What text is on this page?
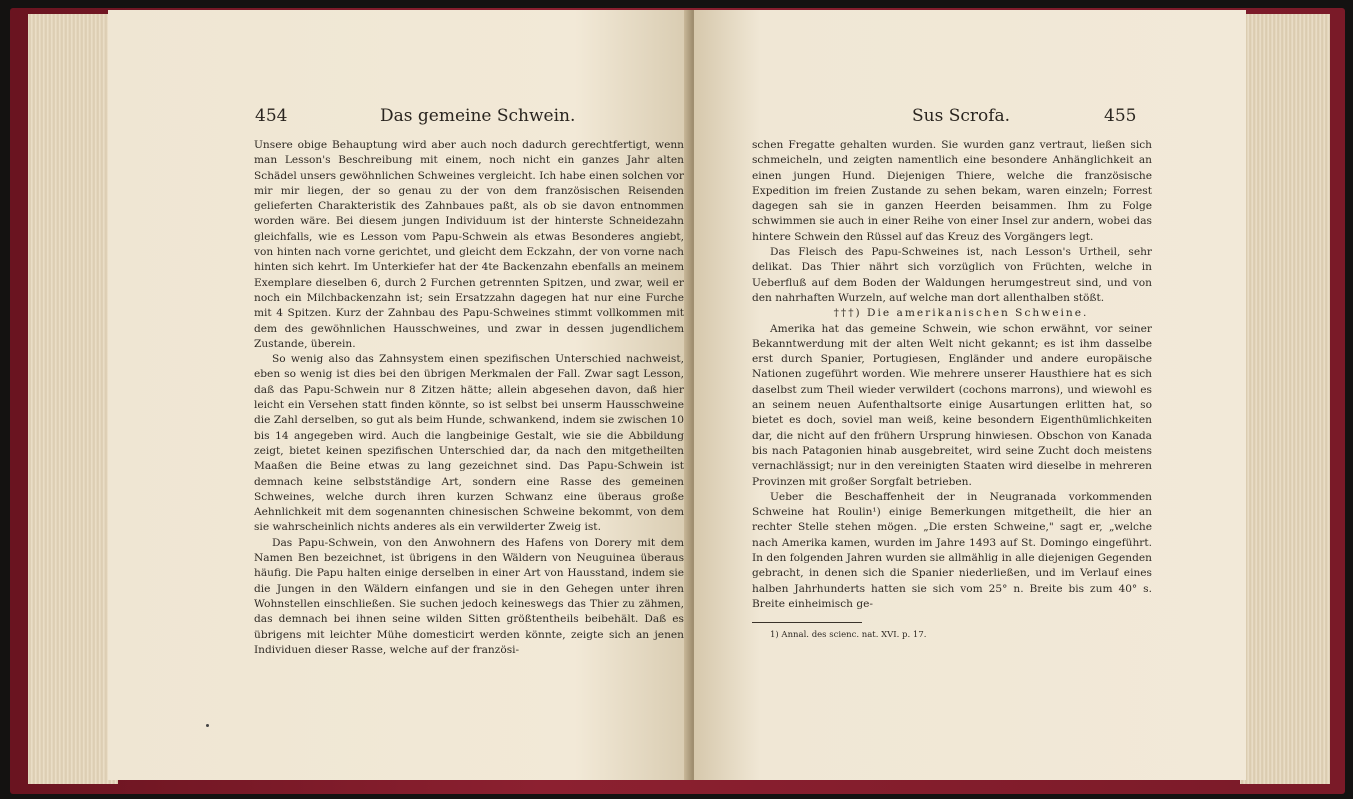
454	Das gemeine Schwein.

Unsere obige Behauptung wird aber auch noch dadurch gerechtfertigt, wenn man Lesson's Beschreibung mit einem, noch nicht ein ganzes Jahr alten Schädel unsers gewöhnlichen Schweines vergleicht. Ich habe einen solchen vor mir mir liegen, der so genau zu der von dem französischen Reisenden gelieferten Charakteristik des Zahnbaues paßt, als ob sie davon entnommen worden wäre. Bei diesem jungen Individuum ist der hinterste Schneidezahn gleichfalls, wie es Lesson vom Papu-Schwein als etwas Besonderes angiebt, von hinten nach vorne gerichtet, und gleicht dem Eckzahn, der von vorne nach hinten sich kehrt. Im Unterkiefer hat der 4te Backenzahn ebenfalls an meinem Exemplare dieselben 6, durch 2 Furchen getrennten Spitzen, und zwar, weil er noch ein Milchbackenzahn ist; sein Ersatzzahn dagegen hat nur eine Furche mit 4 Spitzen. Kurz der Zahnbau des Papu-Schweines stimmt vollkommen mit dem des gewöhnlichen Hausschweines, und zwar in dessen jugendlichem Zustande, überein.

So wenig also das Zahnsystem einen spezifischen Unterschied nachweist, eben so wenig ist dies bei den übrigen Merkmalen der Fall. Zwar sagt Lesson, daß das Papu-Schwein nur 8 Zitzen hätte; allein abgesehen davon, daß hier leicht ein Versehen statt finden könnte, so ist selbst bei unserm Hausschweine die Zahl derselben, so gut als beim Hunde, schwankend, indem sie zwischen 10 bis 14 angegeben wird. Auch die langbeinige Gestalt, wie sie die Abbildung zeigt, bietet keinen spezifischen Unterschied dar, da nach den mitgetheilten Maaßen die Beine etwas zu lang gezeichnet sind. Das Papu-Schwein ist demnach keine selbstständige Art, sondern eine Rasse des gemeinen Schweines, welche durch ihren kurzen Schwanz eine überaus große Aehnlichkeit mit dem sogenannten chinesischen Schweine bekommt, von dem sie wahrscheinlich nichts anderes als ein verwilderter Zweig ist.

Das Papu-Schwein, von den Anwohnern des Hafens von Dorery mit dem Namen Ben bezeichnet, ist übrigens in den Wäldern von Neuguinea überaus häufig. Die Papu halten einige derselben in einer Art von Hausstand, indem sie die Jungen in den Wäldern einfangen und sie in den Gehegen unter ihren Wohnstellen einschließen. Sie suchen jedoch keineswegs das Thier zu zähmen, das demnach bei ihnen seine wilden Sitten größtentheils beibehält. Daß es übrigens mit leichter Mühe domesticirt werden könnte, zeigte sich an jenen Individuen dieser Rasse, welche auf der französi-

Sus Scrofa.	455

schen Fregatte gehalten wurden. Sie wurden ganz vertraut, ließen sich schmeicheln, und zeigten namentlich eine besondere Anhänglichkeit an einen jungen Hund. Diejenigen Thiere, welche die französische Expedition im freien Zustande zu sehen bekam, waren einzeln; Forrest dagegen sah sie in ganzen Heerden beisammen. Ihm zu Folge schwimmen sie auch in einer Reihe von einer Insel zur andern, wobei das hintere Schwein den Rüssel auf das Kreuz des Vorgängers legt.

Das Fleisch des Papu-Schweines ist, nach Lesson's Urtheil, sehr delikat. Das Thier nährt sich vorzüglich von Früchten, welche in Ueberfluß auf dem Boden der Waldungen herumgestreut sind, und von den nahrhaften Wurzeln, auf welche man dort allenthalben stößt.

†††) Die amerikanischen Schweine.

Amerika hat das gemeine Schwein, wie schon erwähnt, vor seiner Bekanntwerdung mit der alten Welt nicht gekannt; es ist ihm dasselbe erst durch Spanier, Portugiesen, Engländer und andere europäische Nationen zugeführt worden. Wie mehrere unserer Hausthiere hat es sich daselbst zum Theil wieder verwildert (cochons marrons), und wiewohl es an seinem neuen Aufenthaltsorte einige Ausartungen erlitten hat, so bietet es doch, soviel man weiß, keine besondern Eigenthümlichkeiten dar, die nicht auf den frühern Ursprung hinwiesen. Obschon von Kanada bis nach Patagonien hinab ausgebreitet, wird seine Zucht doch meistens vernachlässigt; nur in den vereinigten Staaten wird dieselbe in mehreren Provinzen mit großer Sorgfalt betrieben.

Ueber die Beschaffenheit der in Neugranada vorkommenden Schweine hat Roulin¹) einige Bemerkungen mitgetheilt, die hier an rechter Stelle stehen mögen. „Die ersten Schweine," sagt er, „welche nach Amerika kamen, wurden im Jahre 1493 auf St. Domingo eingeführt. In den folgenden Jahren wurden sie allmählig in alle diejenigen Gegenden gebracht, in denen sich die Spanier niederließen, und im Verlauf eines halben Jahrhunderts hatten sie sich vom 25° n. Breite bis zum 40° s. Breite einheimisch ge-

1) Annal. des scienc. nat. XVI. p. 17.
